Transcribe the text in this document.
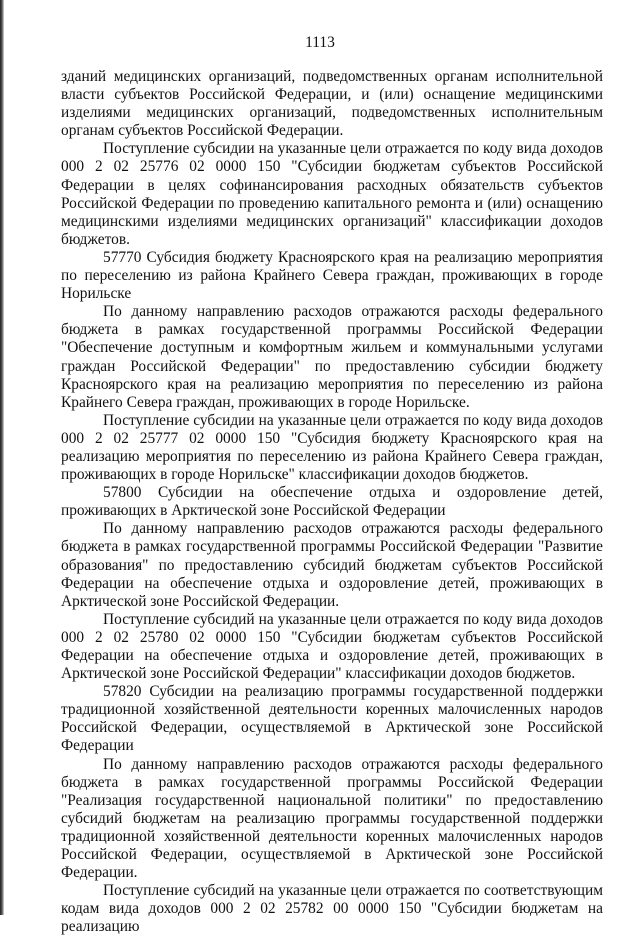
1113

зданий медицинских организаций, подведомственных органам исполнительной власти субъектов Российской Федерации, и (или) оснащение медицинскими изделиями медицинских организаций, подведомственных исполнительным органам субъектов Российской Федерации.

Поступление субсидии на указанные цели отражается по коду вида доходов 000 2 02 25776 02 0000 150 "Субсидии бюджетам субъектов Российской Федерации в целях софинансирования расходных обязательств субъектов Российской Федерации по проведению капитального ремонта и (или) оснащению медицинскими изделиями медицинских организаций" классификации доходов бюджетов.

57770 Субсидия бюджету Красноярского края на реализацию мероприятия по переселению из района Крайнего Севера граждан, проживающих в городе Норильске

По данному направлению расходов отражаются расходы федерального бюджета в рамках государственной программы Российской Федерации "Обеспечение доступным и комфортным жильем и коммунальными услугами граждан Российской Федерации" по предоставлению субсидии бюджету Красноярского края на реализацию мероприятия по переселению из района Крайнего Севера граждан, проживающих в городе Норильске.

Поступление субсидии на указанные цели отражается по коду вида доходов 000 2 02 25777 02 0000 150 "Субсидия бюджету Красноярского края на реализацию мероприятия по переселению из района Крайнего Севера граждан, проживающих в городе Норильске" классификации доходов бюджетов.

57800 Субсидии на обеспечение отдыха и оздоровление детей, проживающих в Арктической зоне Российской Федерации

По данному направлению расходов отражаются расходы федерального бюджета в рамках государственной программы Российской Федерации "Развитие образования" по предоставлению субсидий бюджетам субъектов Российской Федерации на обеспечение отдыха и оздоровление детей, проживающих в Арктической зоне Российской Федерации.

Поступление субсидий на указанные цели отражается по коду вида доходов 000 2 02 25780 02 0000 150 "Субсидии бюджетам субъектов Российской Федерации на обеспечение отдыха и оздоровление детей, проживающих в Арктической зоне Российской Федерации" классификации доходов бюджетов.

57820 Субсидии на реализацию программы государственной поддержки традиционной хозяйственной деятельности коренных малочисленных народов Российской Федерации, осуществляемой в Арктической зоне Российской Федерации

По данному направлению расходов отражаются расходы федерального бюджета в рамках государственной программы Российской Федерации "Реализация государственной национальной политики" по предоставлению субсидий бюджетам на реализацию программы государственной поддержки традиционной хозяйственной деятельности коренных малочисленных народов Российской Федерации, осуществляемой в Арктической зоне Российской Федерации.

Поступление субсидий на указанные цели отражается по соответствующим кодам вида доходов 000 2 02 25782 00 0000 150 "Субсидии бюджетам на реализацию
